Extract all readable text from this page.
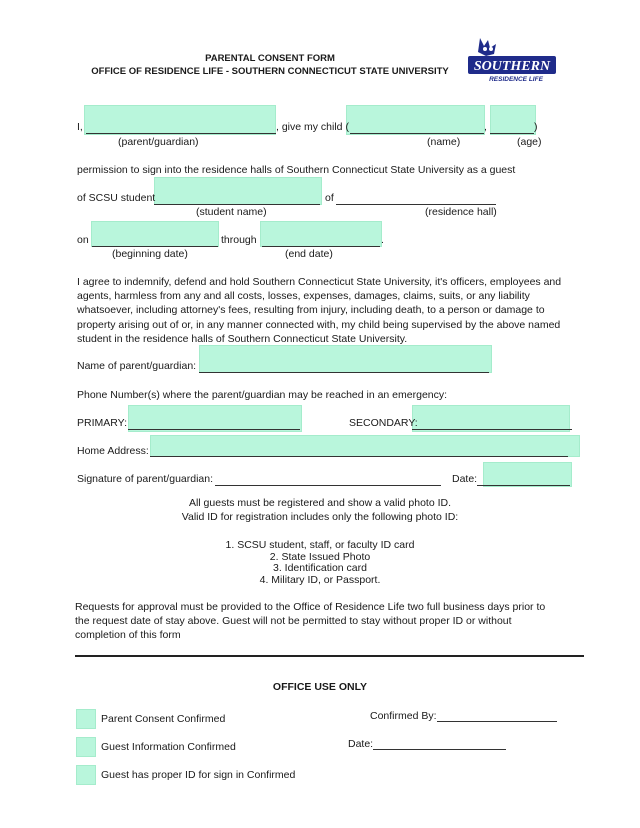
PARENTAL CONSENT FORM
OFFICE OF RESIDENCE LIFE - SOUTHERN CONNECTICUT STATE UNIVERSITY	SOUTHERN
RESIDENCE LIFE
I,	, give my child (	,	)
(parent/guardian)	(name)	(age)
permission to sign into the residence halls of Southern Connecticut State University as a guest
of SCSU student	of
(student name)	(residence hall)
on	through	.
(beginning date)	(end date)
I agree to indemnify, defend and hold Southern Connecticut State University, it's officers, employees and
agents, harmless from any and all costs, losses, expenses, damages, claims, suits, or any liability
whatsoever, including attorney's fees, resulting from injury, including death, to a person or damage to
property arising out of or, in any manner connected with, my child being supervised by the above named
student in the residence halls of Southern Connecticut State University.
Name of parent/guardian:
Phone Number(s) where the parent/guardian may be reached in an emergency:
PRIMARY:	SECONDARY:
Home Address:
Signature of parent/guardian:	Date:
All guests must be registered and show a valid photo ID.
Valid ID for registration includes only the following photo ID:
1. SCSU student, staff, or faculty ID card
2. State Issued Photo
3. Identification card
4. Military ID, or Passport.
Requests for approval must be provided to the Office of Residence Life two full business days prior to
the request date of stay above. Guest will not be permitted to stay without proper ID or without
completion of this form
OFFICE USE ONLY
Parent Consent Confirmed
Guest Information Confirmed
Guest has proper ID for sign in Confirmed
Confirmed By:
Date:
